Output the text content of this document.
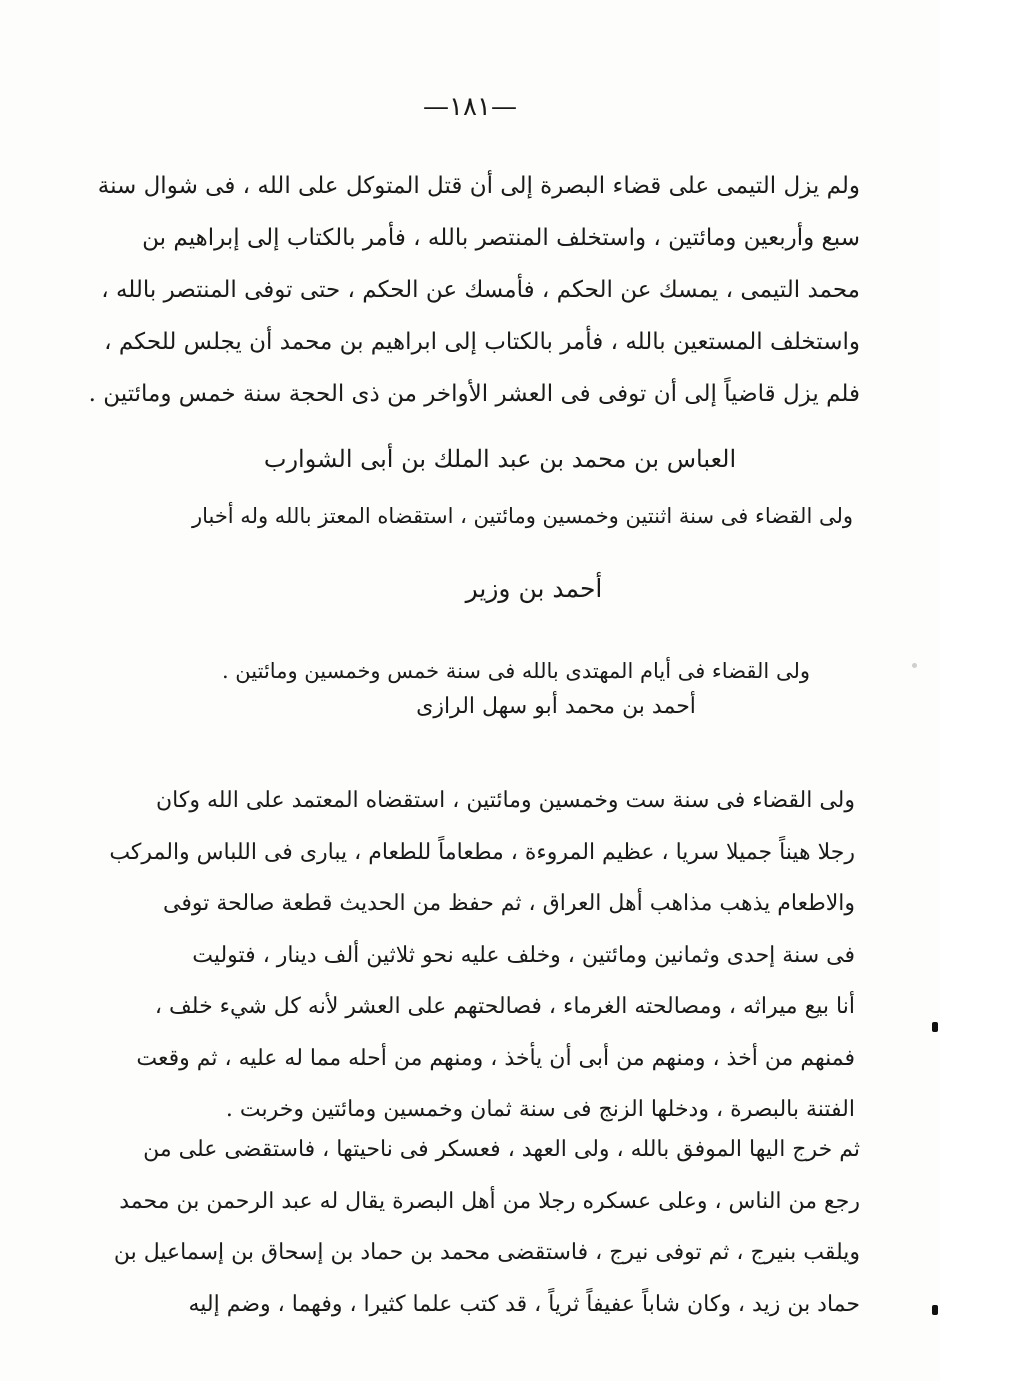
—١٨١—
ولم يزل التيمى على قضاء البصرة إلى أن قتل المتوكل على الله ، فى شوال سنة
سبع وأربعين ومائتين ، واستخلف المنتصر بالله ، فأمر بالكتاب إلى إبراهيم بن
محمد التيمى ، يمسك عن الحكم ، فأمسك عن الحكم ، حتى توفى المنتصر بالله ،
واستخلف المستعين بالله ، فأمر بالكتاب إلى ابراهيم بن محمد أن يجلس للحكم ،
فلم يزل قاضياً إلى أن توفى فى العشر الأواخر من ذى الحجة سنة خمس ومائتين .
العباس بن محمد بن عبد الملك بن أبى الشوارب
ولى القضاء فى سنة اثنتين وخمسين ومائتين ، استقضاه المعتز بالله وله أخبار
أحمد بن وزير
ولى القضاء فى أيام المهتدى بالله فى سنة خمس وخمسين ومائتين .
أحمد بن محمد أبو سهل الرازى
ولى القضاء فى سنة ست وخمسين ومائتين ، استقضاه المعتمد على الله وكان
رجلا هيناً جميلا سريا ، عظيم المروءة ، مطعاماً للطعام ، يبارى فى اللباس والمركب
والاطعام يذهب مذاهب أهل العراق ، ثم حفظ من الحديث قطعة صالحة توفى
فى سنة إحدى وثمانين ومائتين ، وخلف عليه نحو ثلاثين ألف دينار ، فتوليت
أنا بيع ميراثه ، ومصالحته الغرماء ، فصالحتهم على العشر لأنه كل شيء خلف ،
فمنهم من أخذ ، ومنهم من أبى أن يأخذ ، ومنهم من أحله مما له عليه ، ثم وقعت
الفتنة بالبصرة ، ودخلها الزنج فى سنة ثمان وخمسين ومائتين وخربت .
ثم خرج اليها الموفق بالله ، ولى العهد ، فعسكر فى ناحيتها ، فاستقضى على من
رجع من الناس ، وعلى عسكره رجلا من أهل البصرة يقال له عبد الرحمن بن محمد
ويلقب بنيرج ، ثم توفى نيرج ، فاستقضى محمد بن حماد بن إسحاق بن إسماعيل بن
حماد بن زيد ، وكان شاباً عفيفاً ثرياً ، قد كتب علما كثيرا ، وفهما ، وضم إليه
